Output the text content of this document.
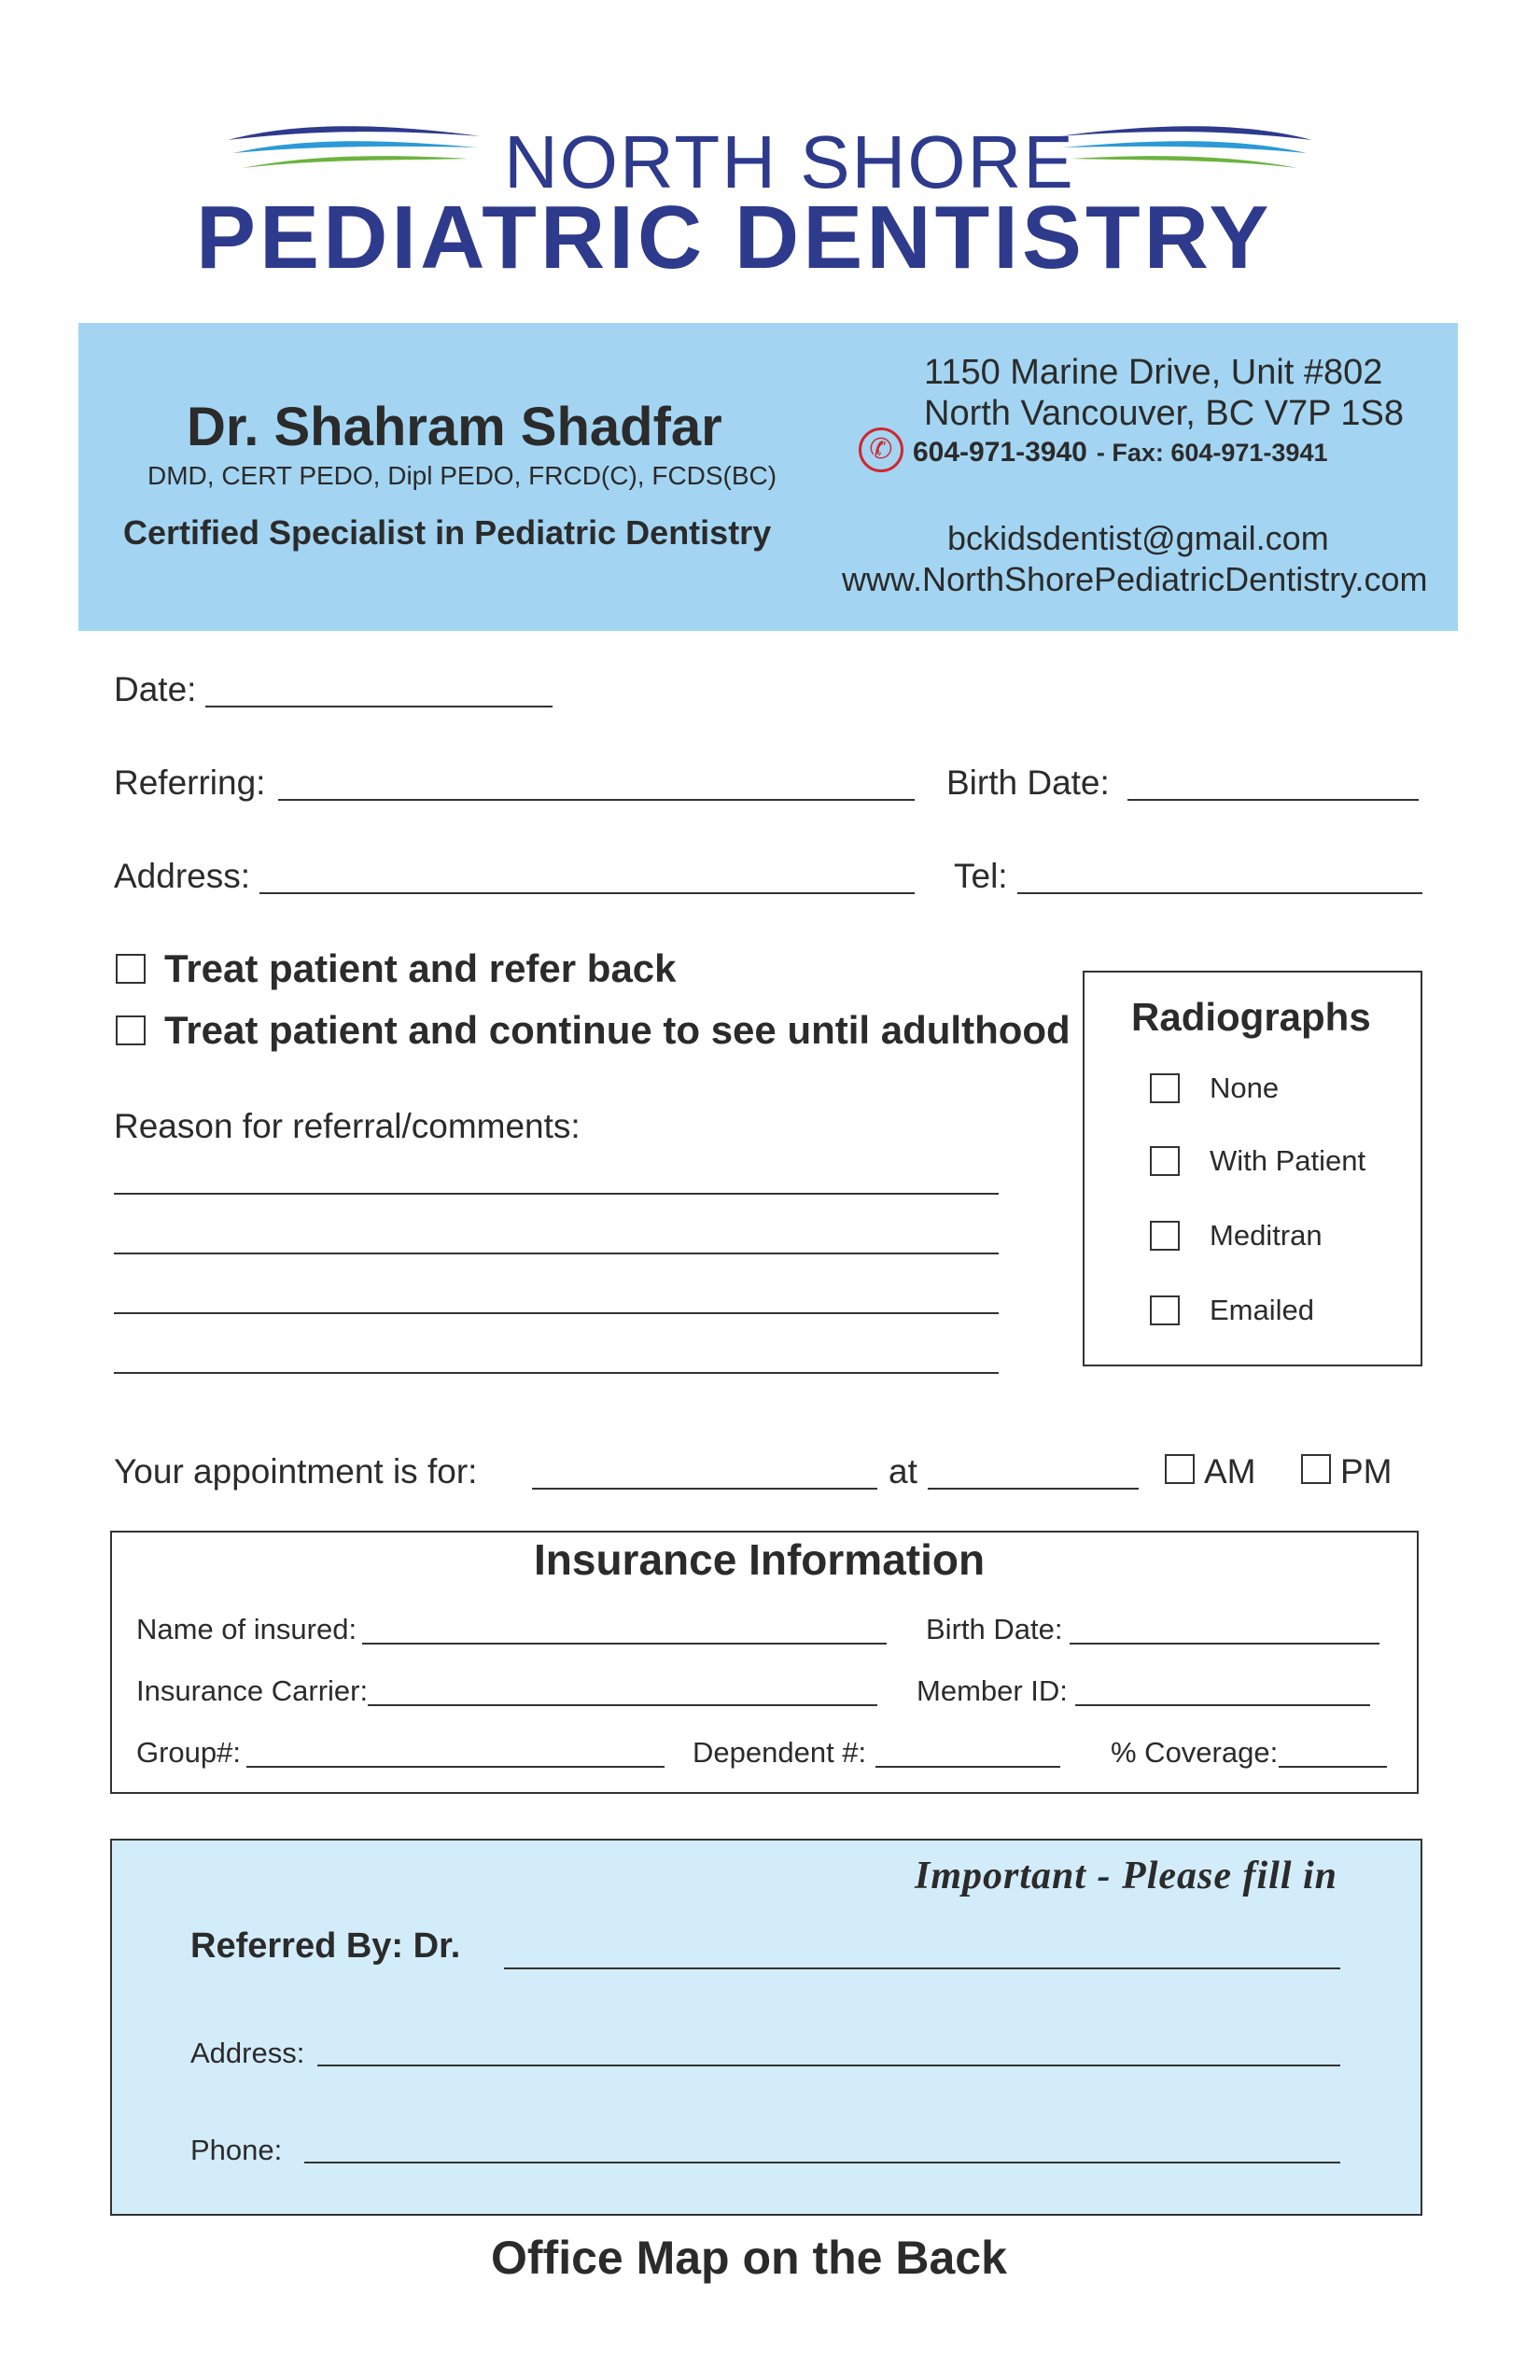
NORTH SHORE
PEDIATRIC DENTISTRY
Dr. Shahram Shadfar
DMD, CERT PEDO, Dipl PEDO, FRCD(C), FCDS(BC)
Certified Specialist in Pediatric Dentistry
1150 Marine Drive, Unit #802
North Vancouver, BC V7P 1S8
✆ 604-971-3940 - Fax: 604-971-3941
bckidsdentist@gmail.com
www.NorthShorePediatricDentistry.com
Date:
Referring:	Birth Date:
Address:	Tel:
Treat patient and refer back
Treat patient and continue to see until adulthood
Reason for referral/comments:
Radiographs
None
With Patient
Meditran
Emailed
Your appointment is for:	at	AM PM
Insurance Information
Name of insured:	Birth Date:
Insurance Carrier:	Member ID:
Group#:	Dependent #:	% Coverage:
Important - Please fill in
Referred By: Dr.
Address:
Phone:
Office Map on the Back
